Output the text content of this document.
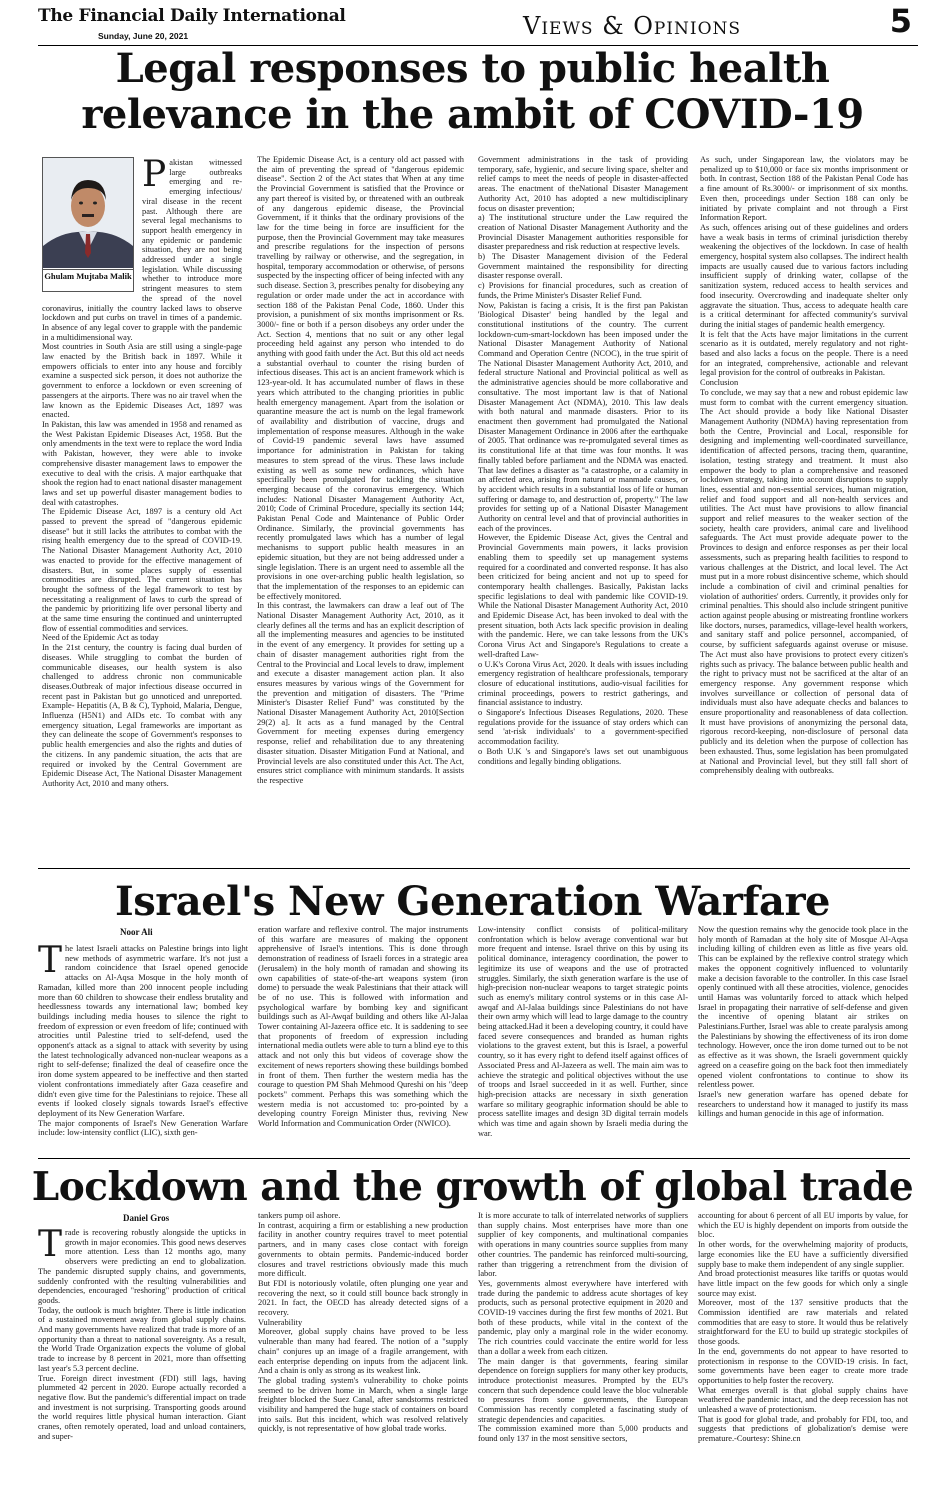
The Financial Daily International
Sunday, June 20, 2021	Views & Opinions	5
Legal responses to public health relevance in the ambit of COVID-19
Ghulam Mujtaba Malik
P akistan witnessed large outbreaks emerging and re-emerging infectious/ viral disease in the recent past. Although there are several legal mechanisms to support health emergency in any epidemic or pandemic situation, they are not being addressed under a single legislation. While discussing whether to introduce more stringent measures to stem the spread of the novel coronavirus, initially the country lacked laws to observe lockdown and put curbs on travel in times of a pandemic. In absence of any legal cover to grapple with the pandemic in a multidimensional way.

Most countries in South Asia are still using a single-page law enacted by the British back in 1897. While it empowers officials to enter into any house and forcibly examine a suspected sick person, it does not authorize the government to enforce a lockdown or even screening of passengers at the airports. There was no air travel when the law known as the Epidemic Diseases Act, 1897 was enacted.

In Pakistan, this law was amended in 1958 and renamed as the West Pakistan Epidemic Diseases Act, 1958. But the only amendments in the text were to replace the word India with Pakistan, however, they were able to invoke comprehensive disaster management laws to empower the executive to deal with the crisis. A major earthquake that shook the region had to enact national disaster management laws and set up powerful disaster management bodies to deal with catastrophes.

The Epidemic Disease Act, 1897 is a century old Act passed to prevent the spread of "dangerous epidemic disease" but it still lacks the attributes to combat with the rising health emergency due to the spread of COVID-19. The National Disaster Management Authority Act, 2010 was enacted to provide for the effective management of disasters. But, in some places supply of essential commodities are disrupted. The current situation has brought the softness of the legal framework to test by necessitating a realignment of laws to curb the spread of the pandemic by prioritizing life over personal liberty and at the same time ensuring the continued and uninterrupted flow of essential commodities and services.

Need of the Epidemic Act as today

In the 21st century, the country is facing dual burden of diseases. While struggling to combat the burden of communicable diseases, our health system is also challenged to address chronic non communicable diseases.Outbreak of major infectious disease occurred in recent past in Pakistan but go unnoticed and unreported. Example- Hepatitis (A, B & C), Typhoid, Malaria, Dengue, Influenza (H5N1) and AIDs etc. To combat with any emergency situation, Legal frameworks are important as they can delineate the scope of Government's responses to public health emergencies and also the rights and duties of the citizens. In any pandemic situation, the acts that are required or invoked by the Central Government are Epidemic Disease Act, The National Disaster Management Authority Act, 2010 and many others.

The Epidemic Disease Act, is a century old act passed with the aim of preventing the spread of "dangerous epidemic disease". Section 2 of the Act states that When at any time the Provincial Government is satisfied that the Province or any part thereof is visited by, or threatened with an outbreak of any dangerous epidemic disease, the Provincial Government, if it thinks that the ordinary provisions of the law for the time being in force are insufficient for the purpose, then the Provincial Government may take measures and prescribe regulations for the inspection of persons travelling by railway or otherwise, and the segregation, in hospital, temporary accommodation or otherwise, of persons suspected by the inspecting officer of being infected with any such disease. Section 3, prescribes penalty for disobeying any regulation or order made under the act in accordance with section 188 of the Pakistan Penal Code, 1860. Under this provision, a punishment of six months imprisonment or Rs. 3000/- fine or both if a person disobeys any order under the Act. Section 4, mentions that no suit or any other legal proceeding held against any person who intended to do anything with good faith under the Act. But this old act needs a substantial overhaul to counter the rising burden of infectious diseases. This act is an ancient framework which is 123-year-old. It has accumulated number of flaws in these years which attributed to the changing priorities in public health emergency management. Apart from the isolation or quarantine measure the act is numb on the legal framework of availability and distribution of vaccine, drugs and implementation of response measures. Although in the wake of Covid-19 pandemic several laws have assumed importance for administration in Pakistan for taking measures to stem spread of the virus. These laws include existing as well as some new ordinances, which have specifically been promulgated for tackling the situation emerging because of the coronavirus emergency. Which includes: National Disaster Management Authority Act, 2010; Code of Criminal Procedure, specially its section 144; Pakistan Penal Code and Maintenance of Public Order Ordinance. Similarly, the provincial governments has recently promulgated laws which has a number of legal mechanisms to support public health measures in an epidemic situation, but they are not being addressed under a single legislation. There is an urgent need to assemble all the provisions in one over-arching public health legislation, so that the implementation of the responses to an epidemic can be effectively monitored.

In this contrast, the lawmakers can draw a leaf out of The National Disaster Management Authority Act, 2010, as it clearly defines all the terms and has an explicit description of all the implementing measures and agencies to be instituted in the event of any emergency. It provides for setting up a chain of disaster management authorities right from the Central to the Provincial and Local levels to draw, implement and execute a disaster management action plan. It also ensures measures by various wings of the Government for the prevention and mitigation of disasters. The "Prime Minister's Disaster Relief Fund" was constituted by the National Disaster Management Authority Act, 2010[Section 29(2) a]. It acts as a fund managed by the Central Government for meeting expenses during emergency response, relief and rehabilitation due to any threatening disaster situation. Disaster Mitigation Fund at National, and Provincial levels are also constituted under this Act. The Act, ensures strict compliance with minimum standards. It assists the respective

Government administrations in the task of providing temporary, safe, hygienic, and secure living space, shelter and relief camps to meet the needs of people in disaster-affected areas. The enactment of theNational Disaster Management Authority Act, 2010 has adopted a new multidisciplinary focus on disaster prevention;

a) The institutional structure under the Law required the creation of National Disaster Management Authority and the Provincial Disaster Management authorities responsible for disaster preparedness and risk reduction at respective levels.

b) The Disaster Management division of the Federal Government maintained the responsibility for directing disaster response overall.

c) Provisions for financial procedures, such as creation of funds, the Prime Minister's Disaster Relief Fund.

Now, Pakistan is facing a crisis, It is the first pan Pakistan 'Biological Disaster' being handled by the legal and constitutional institutions of the country. The current lockdown-cum-smart-lockdown has been imposed under the National Disaster Management Authority of National Command and Operation Centre (NCOC), in the true spirit of The National Disaster Management Authority Act, 2010, and federal structure National and Provincial political as well as the administrative agencies should be more collaborative and consultative. The most important law is that of National Disaster Management Act (NDMA), 2010. This law deals with both natural and manmade disasters. Prior to its enactment then government had promulgated the National Disaster Management Ordinance in 2006 after the earthquake of 2005. That ordinance was re-promulgated several times as its constitutional life at that time was four months. It was finally tabled before parliament and the NDMA was enacted. That law defines a disaster as "a catastrophe, or a calamity in an affected area, arising from natural or manmade causes, or by accident which results in a substantial loss of life or human suffering or damage to, and destruction of, property." The law provides for setting up of a National Disaster Management Authority on central level and that of provincial authorities in each of the provinces.

However, the Epidemic Disease Act, gives the Central and Provincial Governments main powers, it lacks provision enabling them to speedily set up management systems required for a coordinated and converted response. It has also been criticized for being ancient and not up to speed for contemporary health challenges. Basically, Pakistan lacks specific legislations to deal with pandemic like COVID-19. While the National Disaster Management Authority Act, 2010 and Epidemic Disease Act, has been invoked to deal with the present situation, both Acts lack specific provision in dealing with the pandemic. Here, we can take lessons from the UK's Corona Virus Act and Singapore's Regulations to create a well-drafted Law-

o U.K's Corona Virus Act, 2020. It deals with issues including emergency registration of healthcare professionals, temporary closure of educational institutions, audio-visual facilities for criminal proceedings, powers to restrict gatherings, and financial assistance to industry.

o Singapore's Infectious Diseases Regulations, 2020. These regulations provide for the issuance of stay orders which can send 'at-risk individuals' to a government-specified accommodation facility.

o Both U.K 's and Singapore's laws set out unambiguous conditions and legally binding obligations.

As such, under Singaporean law, the violators may be penalized up to $10,000 or face six months imprisonment or both. In contrast, Section 188 of the Pakistan Penal Code has a fine amount of Rs.3000/- or imprisonment of six months. Even then, proceedings under Section 188 can only be initiated by private complaint and not through a First Information Report.

As such, offences arising out of these guidelines and orders have a weak basis in terms of criminal jurisdiction thereby weakening the objectives of the lockdown. In case of health emergency, hospital system also collapses. The indirect health impacts are usually caused due to various factors including insufficient supply of drinking water, collapse of the sanitization system, reduced access to health services and food insecurity. Overcrowding and inadequate shelter only aggravate the situation. Thus, access to adequate health care is a critical determinant for affected community's survival during the initial stages of pandemic health emergency.

It is felt that the Acts have major limitations in the current scenario as it is outdated, merely regulatory and not right-based and also lacks a focus on the people. There is a need for an integrated, comprehensive, actionable and relevant legal provision for the control of outbreaks in Pakistan.

Conclusion

To conclude, we may say that a new and robust epidemic law must form to combat with the current emergency situation. The Act should provide a body like National Disaster Management Authority (NDMA) having representation from both the Centre, Provincial and Local, responsible for designing and implementing well-coordinated surveillance, identification of affected persons, tracing them, quarantine, isolation, testing strategy and treatment. It must also empower the body to plan a comprehensive and reasoned lockdown strategy, taking into account disruptions to supply lines, essential and non-essential services, human migration, relief and food support and all non-health services and utilities. The Act must have provisions to allow financial support and relief measures to the weaker section of the society, health care providers, animal care and livelihood safeguards. The Act must provide adequate power to the Provinces to design and enforce responses as per their local assessments, such as preparing health facilities to respond to various challenges at the District, and local level. The Act must put in a more robust disincentive scheme, which should include a combination of civil and criminal penalties for violation of authorities' orders. Currently, it provides only for criminal penalties. This should also include stringent punitive action against people abusing or mistreating frontline workers like doctors, nurses, paramedics, village-level health workers, and sanitary staff and police personnel, accompanied, of course, by sufficient safeguards against overuse or misuse. The Act must also have provisions to protect every citizen's rights such as privacy. The balance between public health and the right to privacy must not be sacrificed at the altar of an emergency response. Any government response which involves surveillance or collection of personal data of individuals must also have adequate checks and balances to ensure proportionality and reasonableness of data collection. It must have provisions of anonymizing the personal data, rigorous record-keeping, non-disclosure of personal data publicly and its deletion when the purpose of collection has been exhausted. Thus, some legislation has been promulgated at National and Provincial level, but they still fall short of comprehensibly dealing with outbreaks.

Israel's New Generation Warfare
Noor Ali
T he latest Israeli attacks on Palestine brings into light new methods of asymmetric warfare. It's not just a random coincidence that Israel opened genocide attacks on Al-Aqsa Mosque in the holy month of Ramadan, killed more than 200 innocent people including more than 60 children to showcase their endless brutality and heedlessness towards any international law; bombed key buildings including media houses to silence the right to freedom of expression or even freedom of life; continued with atrocities until Palestine tried to self-defend, used the opponent's attack as a signal to attack with severity by using the latest technologically advanced non-nuclear weapons as a right to self-defense; finalized the deal of ceasefire once the iron dome system appeared to be ineffective and then started violent confrontations immediately after Gaza ceasefire and didn't even give time for the Palestinians to rejoice. These all events if looked closely signals towards Israel's effective deployment of its New Generation Warfare.

The major components of Israel's New Generation Warfare include: low-intensity conflict (LIC), sixth gen-

eration warfare and reflexive control. The major instruments of this warfare are measures of making the opponent apprehensive of Israel's intentions. This is done through demonstration of readiness of Israeli forces in a strategic area (Jerusalem) in the holy month of ramadan and showing its own capabilities of state-of-the-art weapons system (iron dome) to persuade the weak Palestinians that their attack will be of no use. This is followed with information and psychological warfare by bombing key and significant buildings such as Al-Awqaf building and others like Al-Jalaa Tower containing Al-Jazeera office etc. It is saddening to see that proponents of freedom of expression including international media outlets were able to turn a blind eye to this attack and not only this but videos of coverage show the excitement of news reporters showing these buildings bombed in front of them. Then further the western media has the courage to question PM Shah Mehmood Qureshi on his "deep pockets" comment. Perhaps this was something which the western media is not accustomed to: pro-pointed by a developing country Foreign Minister thus, reviving New World Information and Communication Order (NWICO).

Low-intensity conflict consists of political-military confrontation which is below average conventional war but more frequent and intense. Israel thrive on this by using its political dominance, interagency coordination, the power to legitimize its use of weapons and the use of protracted struggles. Similarly, the sixth generation warfare is the use of high-precision non-nuclear weapons to target strategic points such as enemy's military control systems or in this case Al-awqaf and Al-Jalaa buildings since Palestinians do not have their own army which will lead to large damage to the country being attacked.Had it been a developing country, it could have faced severe consequences and branded as human rights violations to the gravest extent, but this is Israel, a powerful country, so it has every right to defend itself against offices of Associated Press and Al-Jazeera as well. The main aim was to achieve the strategic and political objectives without the use of troops and Israel succeeded in it as well. Further, since high-precision attacks are necessary in sixth generation warfare so military geographic information should be able to process satellite images and design 3D digital terrain models which was time and again shown by Israeli media during the war.

Now the question remains why the genocide took place in the holy month of Ramadan at the holy site of Mosque Al-Aqsa including killing of children even as little as five years old. This can be explained by the reflexive control strategy which makes the opponent cognitively influenced to voluntarily make a decision favorable to the controller. In this case Israel openly continued with all these atrocities, violence, genocides until Hamas was voluntarily forced to attack which helped Israel in propagating their narrative of self-defense and given the incentive of opening blatant air strikes on Palestinians.Further, Israel was able to create paralysis among the Palestinians by showing the effectiveness of its iron dome technology. However, once the iron dome turned out to be not as effective as it was shown, the Israeli government quickly agreed on a ceasefire going on the back foot then immediately opened violent confrontations to continue to show its relentless power.

Israel's new generation warfare has opened debate for researchers to understand how it managed to justify its mass killings and human genocide in this age of information.

Lockdown and the growth of global trade
Daniel Gros
T rade is recovering robustly alongside the upticks in growth in major economies. This good news deserves more attention. Less than 12 months ago, many observers were predicting an end to globalization. The pandemic disrupted supply chains, and governments, suddenly confronted with the resulting vulnerabilities and dependencies, encouraged "reshoring" production of critical goods.

Today, the outlook is much brighter. There is little indication of a sustained movement away from global supply chains. And many governments have realized that trade is more of an opportunity than a threat to national sovereignty. As a result, the World Trade Organization expects the volume of global trade to increase by 8 percent in 2021, more than offsetting last year's 5.3 percent decline.

True. Foreign direct investment (FDI) still lags, having plummeted 42 percent in 2020. Europe actually recorded a negative flow. But the pandemic's differential impact on trade and investment is not surprising. Transporting goods around the world requires little physical human interaction. Giant cranes, often remotely operated, load and unload containers, and super-

tankers pump oil ashore.

In contrast, acquiring a firm or establishing a new production facility in another country requires travel to meet potential partners, and in many cases close contact with foreign governments to obtain permits. Pandemic-induced border closures and travel restrictions obviously made this much more difficult.

But FDI is notoriously volatile, often plunging one year and recovering the next, so it could still bounce back strongly in 2021. In fact, the OECD has already detected signs of a recovery.

Vulnerability

Moreover, global supply chains have proved to be less vulnerable than many had feared. The notion of a "supply chain" conjures up an image of a fragile arrangement, with each enterprise depending on inputs from the adjacent link. And a chain is only as strong as its weakest link.

The global trading system's vulnerability to choke points seemed to be driven home in March, when a single large freighter blocked the Suez Canal, after sandstorms restricted visibility and hampered the huge stack of containers on board into sails. But this incident, which was resolved relatively quickly, is not representative of how global trade works.

It is more accurate to talk of interrelated networks of suppliers than supply chains. Most enterprises have more than one supplier of key components, and multinational companies with operations in many countries source supplies from many other countries. The pandemic has reinforced multi-sourcing, rather than triggering a retrenchment from the division of labor.

Yes, governments almost everywhere have interfered with trade during the pandemic to address acute shortages of key products, such as personal protective equipment in 2020 and COVID-19 vaccines during the first few months of 2021. But both of these products, while vital in the context of the pandemic, play only a marginal role in the wider economy. The rich countries could vaccinate the entire world for less than a dollar a week from each citizen.

The main danger is that governments, fearing similar dependence on foreign suppliers for many other key products, introduce protectionist measures. Prompted by the EU's concern that such dependence could leave the bloc vulnerable to pressures from some governments, the European Commission has recently completed a fascinating study of strategic dependencies and capacities.

The commission examined more than 5,000 products and found only 137 in the most sensitive sectors,

accounting for about 6 percent of all EU imports by value, for which the EU is highly dependent on imports from outside the bloc.

In other words, for the overwhelming majority of products, large economies like the EU have a sufficiently diversified supply base to make them independent of any single supplier.

And broad protectionist measures like tariffs or quotas would have little impact on the few goods for which only a single source may exist.

Moreover, most of the 137 sensitive products that the Commission identified are raw materials and related commodities that are easy to store. It would thus be relatively straightforward for the EU to build up strategic stockpiles of those goods.

In the end, governments do not appear to have resorted to protectionism in response to the COVID-19 crisis. In fact, some governments have been eager to create more trade opportunities to help foster the recovery.

What emerges overall is that global supply chains have weathered the pandemic intact, and the deep recession has not unleashed a wave of protectionism.

That is good for global trade, and probably for FDI, too, and suggests that predictions of globalization's demise were premature.-Courtesy: Shine.cn
